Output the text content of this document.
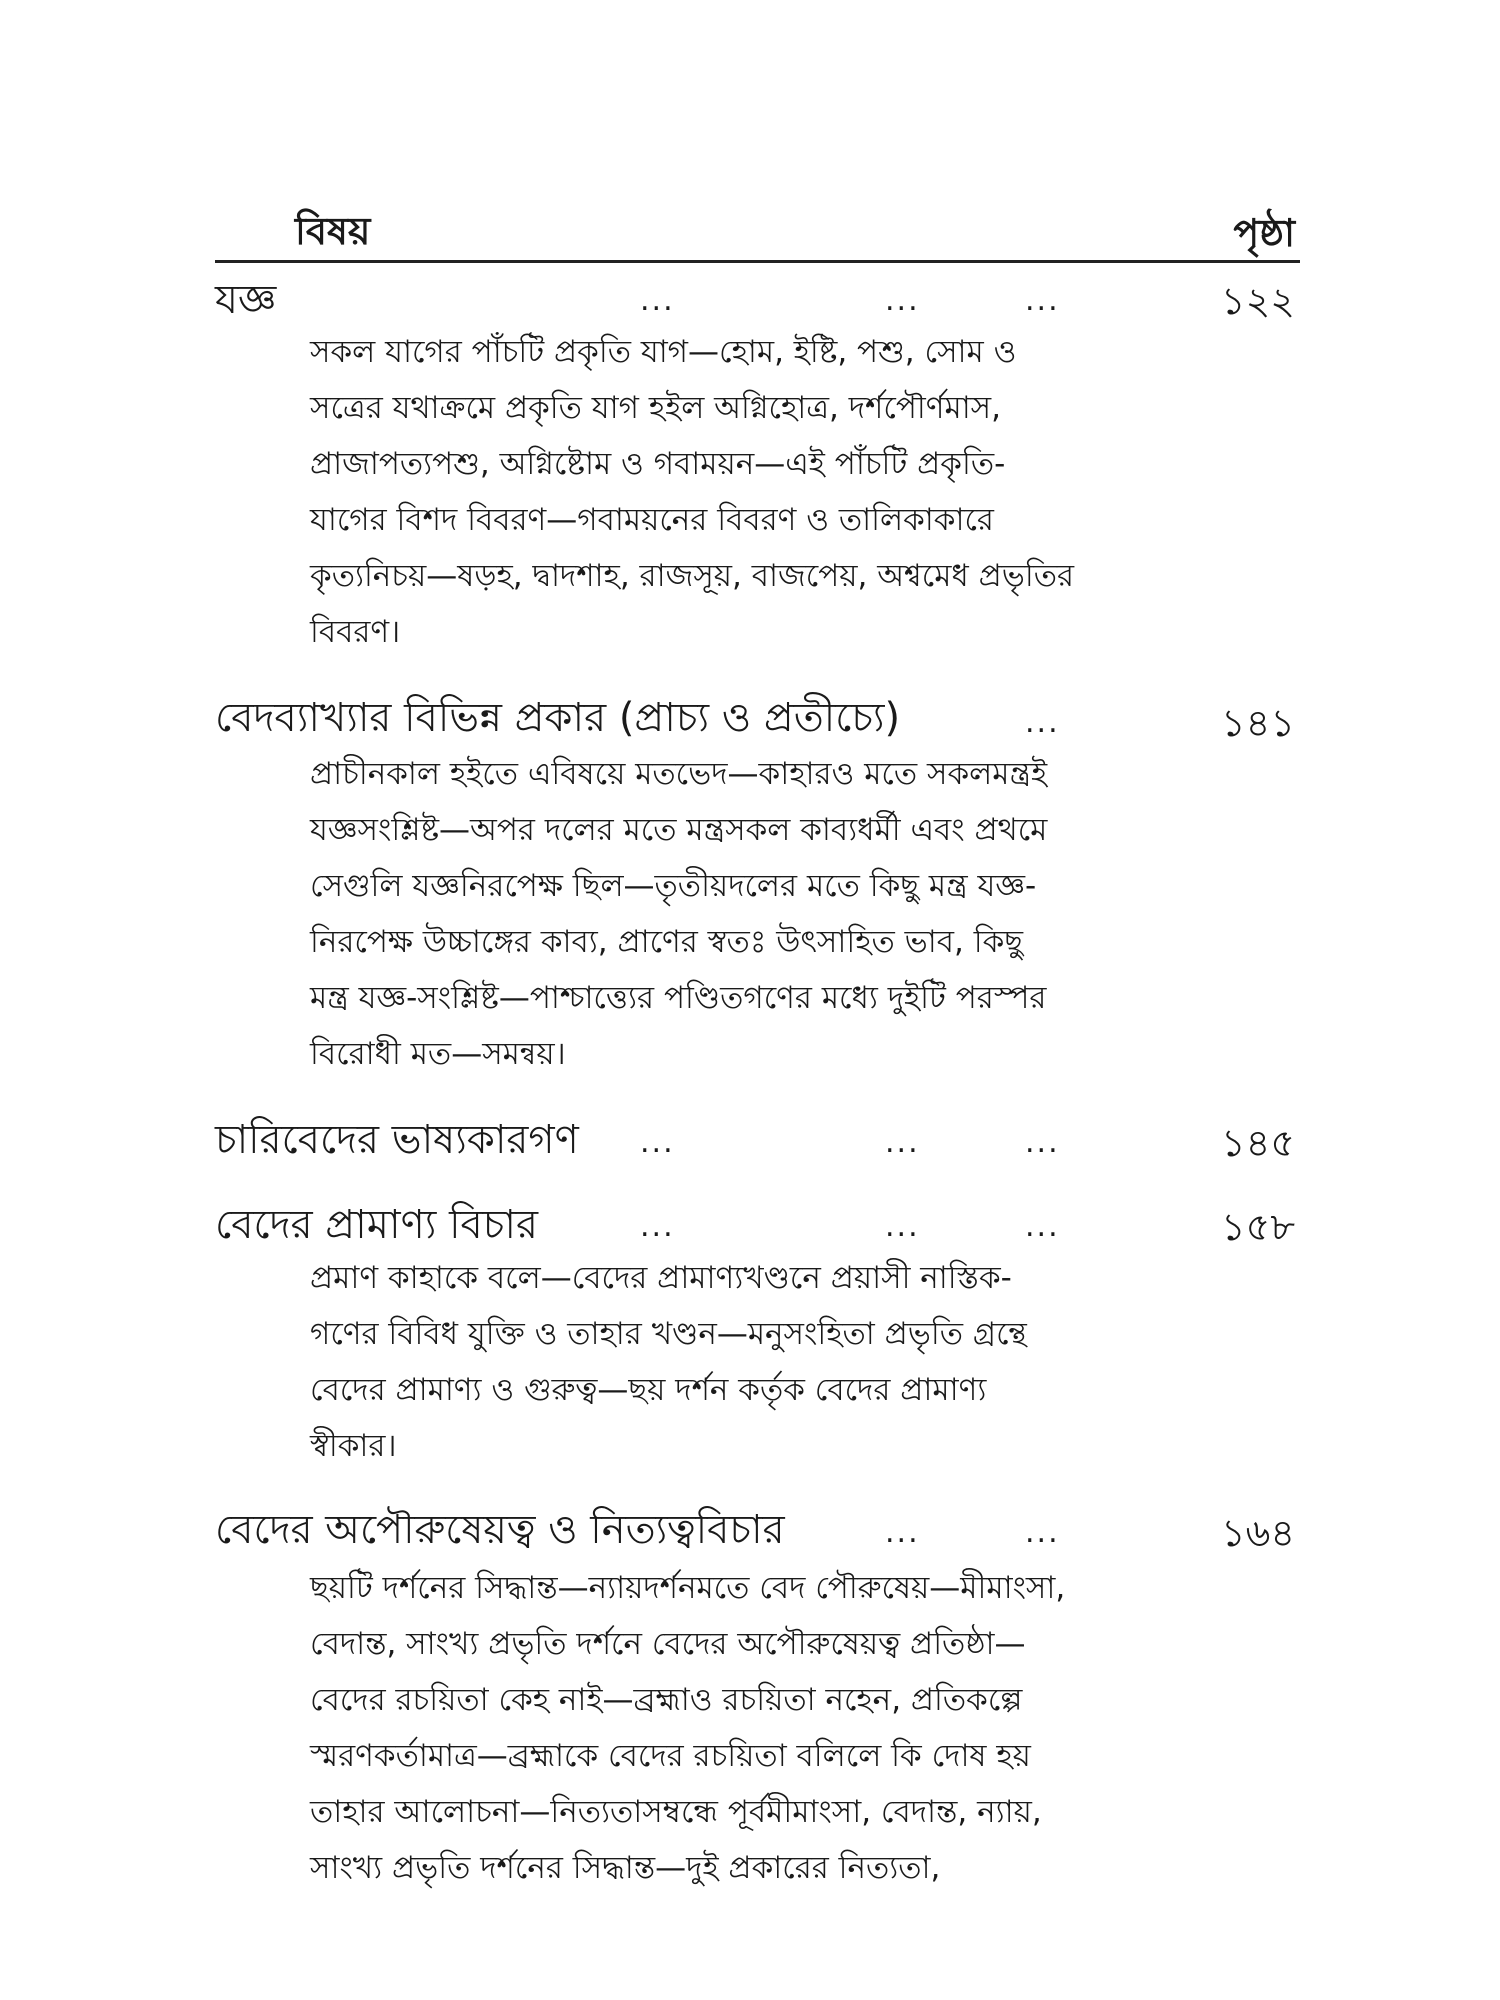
বিষয়	পৃষ্ঠা
যজ্ঞ	...	...	...	১২২
সকল যাগের পাঁচটি প্রকৃতি যাগ—হোম, ইষ্টি, পশু, সোম ও
সত্রের যথাক্রমে প্রকৃতি যাগ হইল অগ্নিহোত্র, দর্শপৌর্ণমাস,
প্রাজাপত্যপশু, অগ্নিষ্টোম ও গবাময়ন—এই পাঁচটি প্রকৃতি-
যাগের বিশদ বিবরণ—গবাময়নের বিবরণ ও তালিকাকারে
কৃত্যনিচয়—ষড়হ, দ্বাদশাহ, রাজসূয়, বাজপেয়, অশ্বমেধ প্রভৃতির
বিবরণ।
বেদব্যাখ্যার বিভিন্ন প্রকার (প্রাচ্য ও প্রতীচ্যে)	...	১৪১
প্রাচীনকাল হইতে এবিষয়ে মতভেদ—কাহারও মতে সকলমন্ত্রই
যজ্ঞসংশ্লিষ্ট—অপর দলের মতে মন্ত্রসকল কাব্যধর্মী এবং প্রথমে
সেগুলি যজ্ঞনিরপেক্ষ ছিল—তৃতীয়দলের মতে কিছু মন্ত্র যজ্ঞ-
নিরপেক্ষ উচ্চাঙ্গের কাব্য, প্রাণের স্বতঃ উৎসাহিত ভাব, কিছু
মন্ত্র যজ্ঞ-সংশ্লিষ্ট—পাশ্চাত্ত্যের পণ্ডিতগণের মধ্যে দুইটি পরস্পর
বিরোধী মত—সমন্বয়।
চারিবেদের ভাষ্যকারগণ ...	...	...	১৪৫
বেদের প্রামাণ্য বিচার	...	...	...	১৫৮
প্রমাণ কাহাকে বলে—বেদের প্রামাণ্যখণ্ডনে প্রয়াসী নাস্তিক-
গণের বিবিধ যুক্তি ও তাহার খণ্ডন—মনুসংহিতা প্রভৃতি গ্রন্থে
বেদের প্রামাণ্য ও গুরুত্ব—ছয় দর্শন কর্তৃক বেদের প্রামাণ্য
স্বীকার।
বেদের অপৌরুষেয়ত্ব ও নিত্যত্ববিচার	...	...	১৬৪
ছয়টি দর্শনের সিদ্ধান্ত—ন্যায়দর্শনমতে বেদ পৌরুষেয়—মীমাংসা,
বেদান্ত, সাংখ্য প্রভৃতি দর্শনে বেদের অপৌরুষেয়ত্ব প্রতিষ্ঠা—
বেদের রচয়িতা কেহ নাই—ব্রহ্মাও রচয়িতা নহেন, প্রতিকল্পে
স্মরণকর্তামাত্র—ব্রহ্মাকে বেদের রচয়িতা বলিলে কি দোষ হয়
তাহার আলোচনা—নিত্যতাসম্বন্ধে পূর্বমীমাংসা, বেদান্ত, ন্যায়,
সাংখ্য প্রভৃতি দর্শনের সিদ্ধান্ত—দুই প্রকারের নিত্যতা,
